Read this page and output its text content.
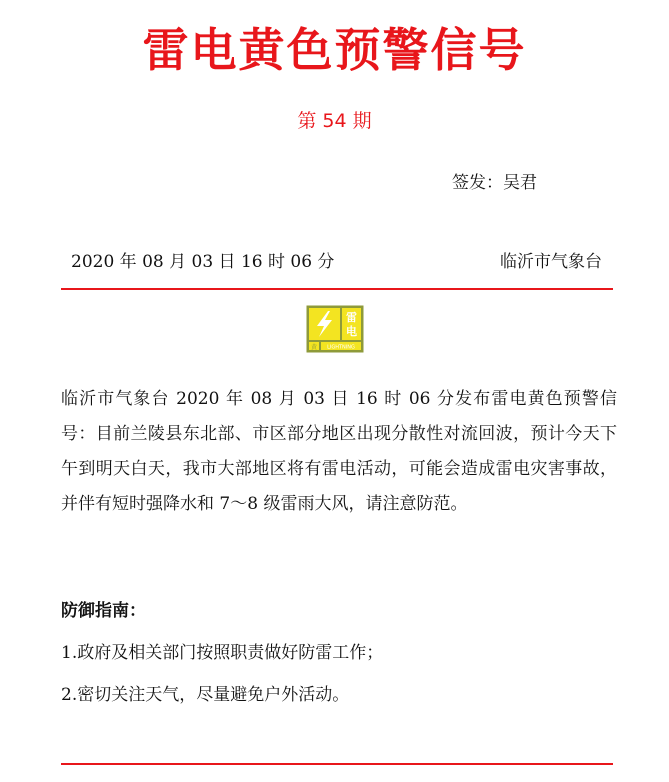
雷电黄色预警信号
第 54 期
签发：吴君
2020 年 08 月 03 日 16 时 06 分	临沂市气象台
雷
电
黄 LIGHTNING
临沂市气象台 2020 年 08 月 03 日 16 时 06 分发布雷电黄色预警信号：目前兰陵县东北部、市区部分地区出现分散性对流回波，预计今天下午到明天白天，我市大部地区将有雷电活动，可能会造成雷电灾害事故，并伴有短时强降水和 7～8 级雷雨大风，请注意防范。
防御指南：
1.政府及相关部门按照职责做好防雷工作；
2.密切关注天气，尽量避免户外活动。
